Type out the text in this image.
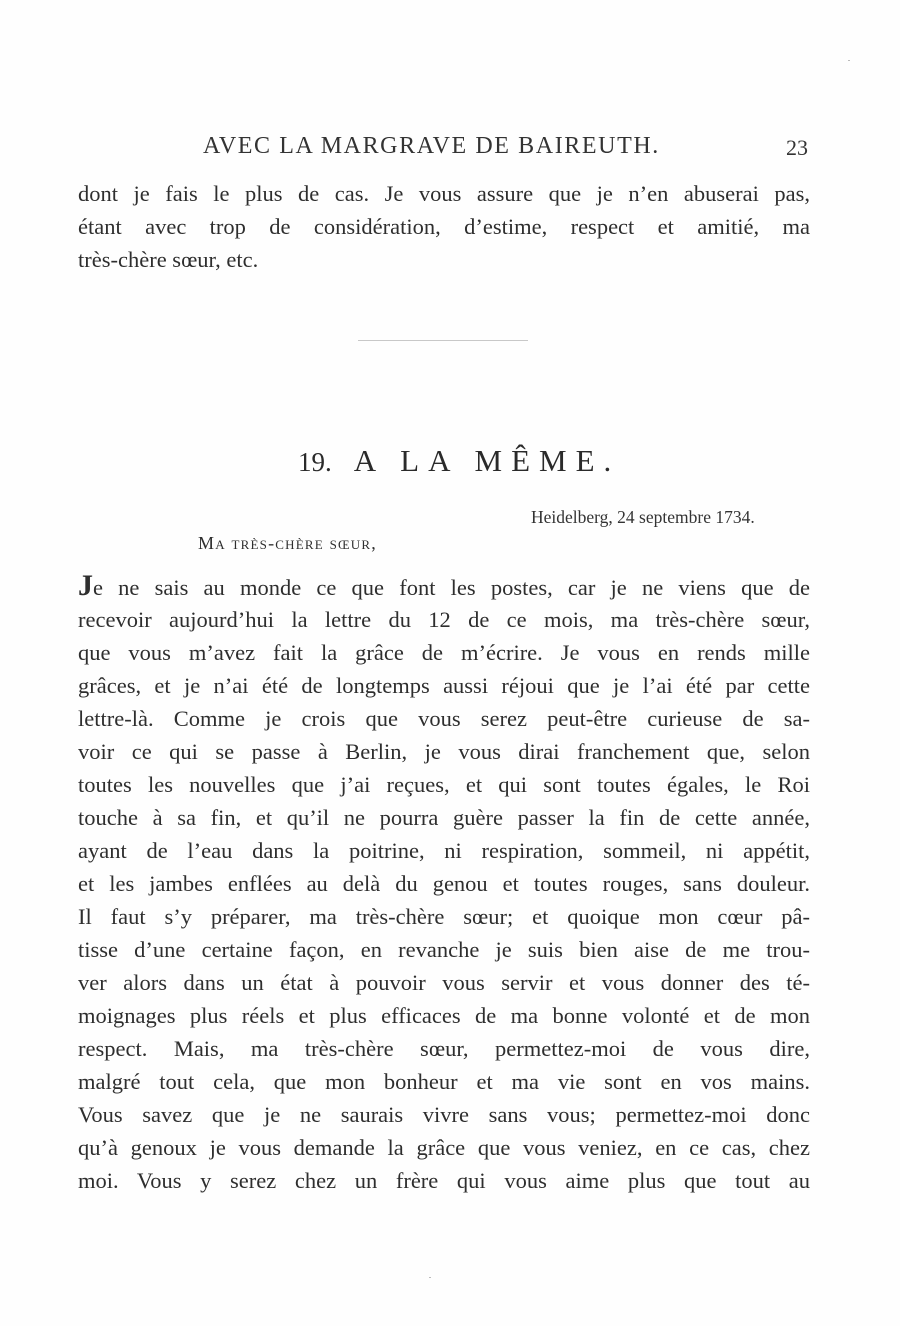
AVEC LA MARGRAVE DE BAIREUTH.	23
dont je fais le plus de cas. Je vous assure que je n’en abuserai pas,
étant avec trop de considération, d’estime, respect et amitié, ma
très-chère sœur, etc.
19. A LA MÊME.
Heidelberg, 24 septembre 1734.
Ma très-chère sœur,
Je ne sais au monde ce que font les postes, car je ne viens que de
recevoir aujourd’hui la lettre du 12 de ce mois, ma très-chère sœur,
que vous m’avez fait la grâce de m’écrire. Je vous en rends mille
grâces, et je n’ai été de longtemps aussi réjoui que je l’ai été par cette
lettre-là. Comme je crois que vous serez peut-être curieuse de sa-
voir ce qui se passe à Berlin, je vous dirai franchement que, selon
toutes les nouvelles que j’ai reçues, et qui sont toutes égales, le Roi
touche à sa fin, et qu’il ne pourra guère passer la fin de cette année,
ayant de l’eau dans la poitrine, ni respiration, sommeil, ni appétit,
et les jambes enflées au delà du genou et toutes rouges, sans douleur.
Il faut s’y préparer, ma très-chère sœur; et quoique mon cœur pâ-
tisse d’une certaine façon, en revanche je suis bien aise de me trou-
ver alors dans un état à pouvoir vous servir et vous donner des té-
moignages plus réels et plus efficaces de ma bonne volonté et de mon
respect. Mais, ma très-chère sœur, permettez-moi de vous dire,
malgré tout cela, que mon bonheur et ma vie sont en vos mains.
Vous savez que je ne saurais vivre sans vous; permettez-moi donc
qu’à genoux je vous demande la grâce que vous veniez, en ce cas, chez
moi. Vous y serez chez un frère qui vous aime plus que tout au
